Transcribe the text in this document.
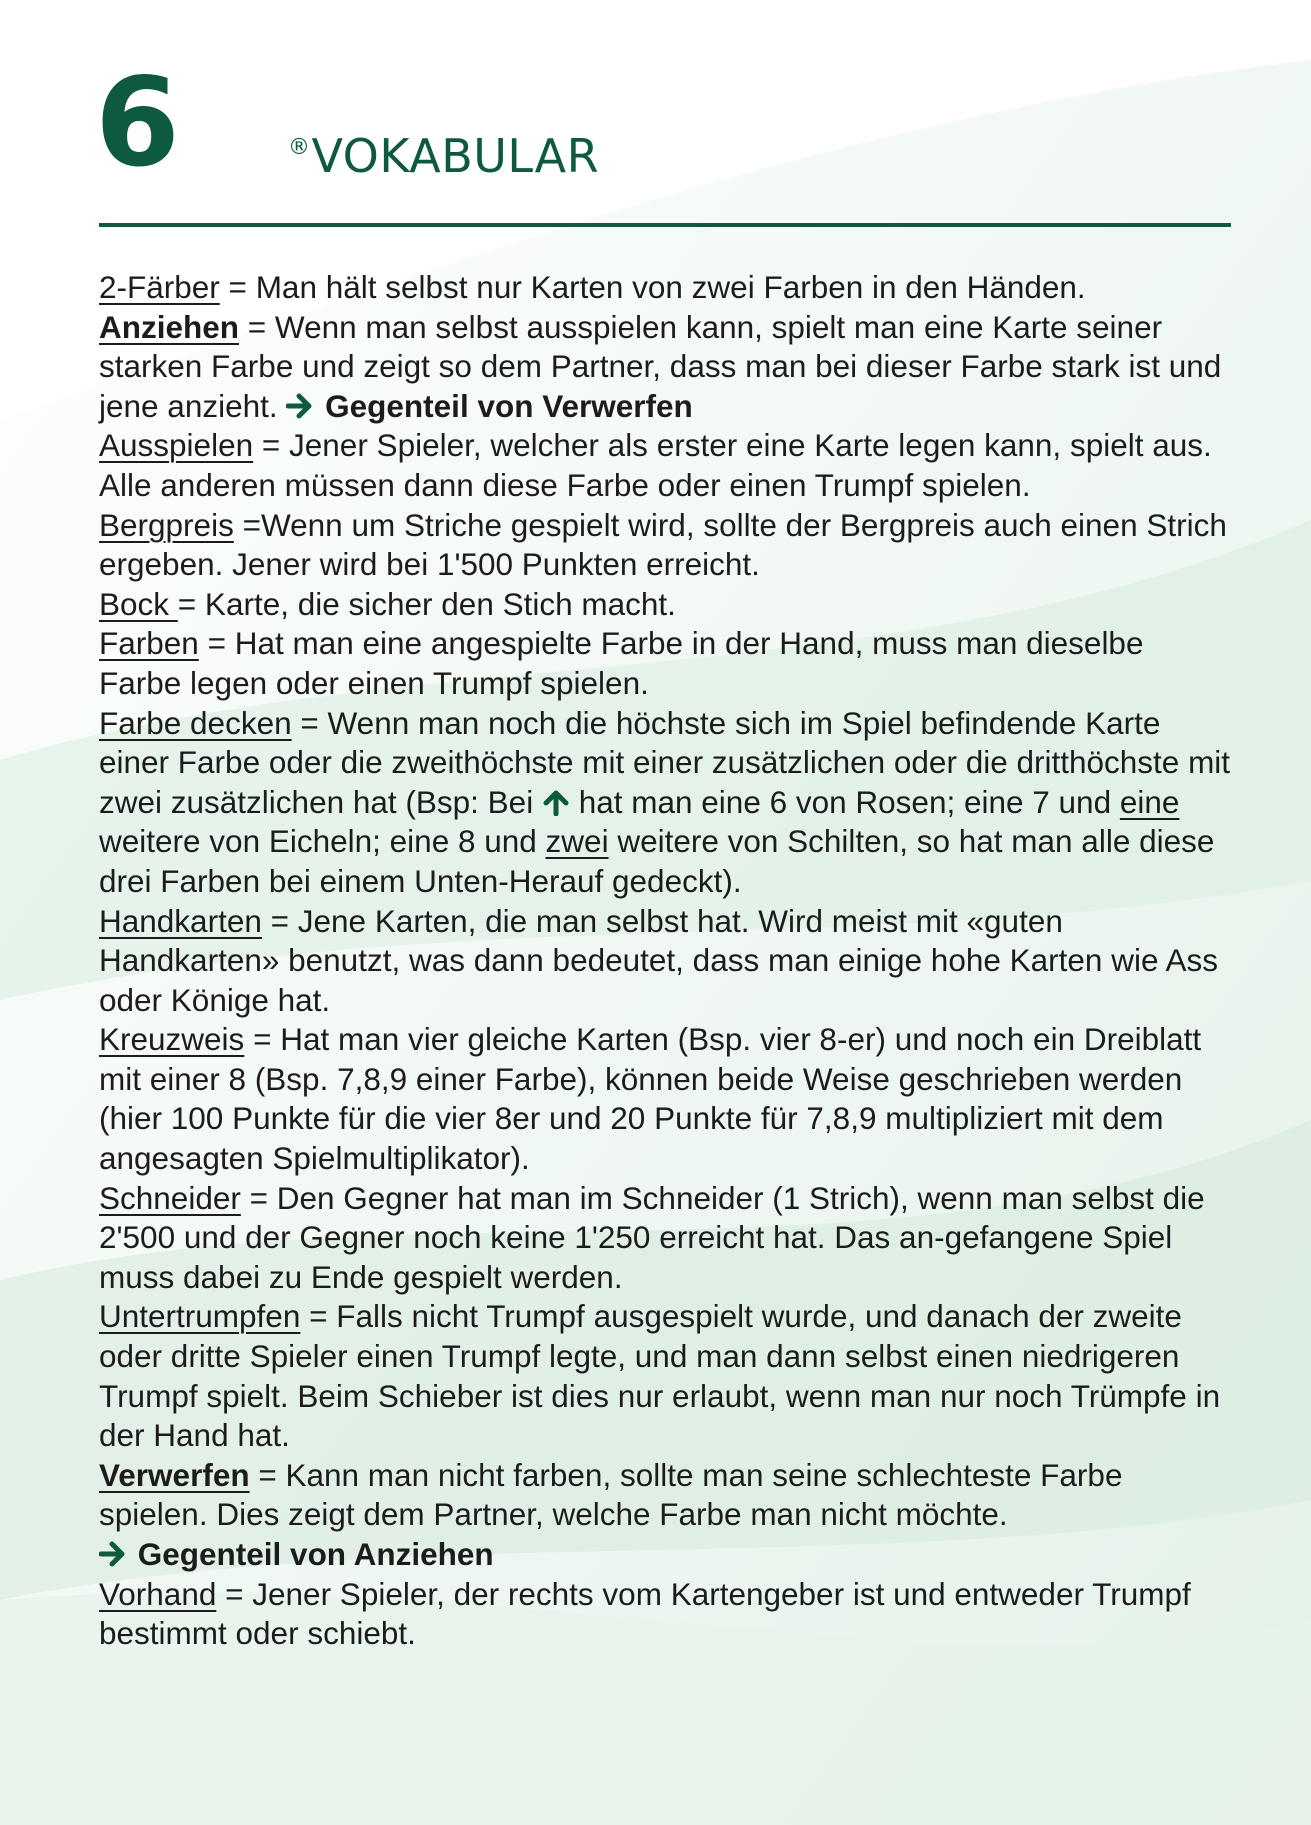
6	®VOKABULAR

2-Färber = Man hält selbst nur Karten von zwei Farben in den Händen.

Anziehen = Wenn man selbst ausspielen kann, spielt man eine Karte seiner starken Farbe und zeigt so dem Partner, dass man bei dieser Farbe stark ist und jene anzieht.
Gegenteil von Verwerfen

Ausspielen = Jener Spieler, welcher als erster eine Karte legen kann, spielt aus. Alle anderen müssen dann diese Farbe oder einen Trumpf spielen.

Bergpreis =Wenn um Striche gespielt wird, sollte der Bergpreis auch einen Strich ergeben. Jener wird bei 1'500 Punkten erreicht.

Bock = Karte, die sicher den Stich macht.

Farben = Hat man eine angespielte Farbe in der Hand, muss man dieselbe Farbe legen oder einen Trumpf spielen.

Farbe decken = Wenn man noch die höchste sich im Spiel befindende Karte einer Farbe oder die zweithöchste mit einer zusätzlichen oder die dritthöchste mit zwei zusätzlichen hat (Bsp: Bei
hat man eine 6 von Rosen; eine 7 und eine weitere von Eicheln; eine 8 und zwei weitere von Schilten, so hat man alle diese drei Farben bei einem Unten-Herauf gedeckt).

Handkarten = Jene Karten, die man selbst hat. Wird meist mit «guten Handkarten» benutzt, was dann bedeutet, dass man einige hohe Karten wie Ass oder Könige hat.

Kreuzweis = Hat man vier gleiche Karten (Bsp. vier 8-er) und noch ein Dreiblatt mit einer 8 (Bsp. 7,8,9 einer Farbe), können beide Weise geschrieben werden (hier 100 Punkte für die vier 8er und 20 Punkte für 7,8,9 multipliziert mit dem angesagten Spielmultiplikator).

Schneider = Den Gegner hat man im Schneider (1 Strich), wenn man selbst die 2'500 und der Gegner noch keine 1'250 erreicht hat. Das an-gefangene Spiel muss dabei zu Ende gespielt werden.

Untertrumpfen = Falls nicht Trumpf ausgespielt wurde, und danach der zweite oder dritte Spieler einen Trumpf legte, und man dann selbst einen niedrigeren Trumpf spielt. Beim Schieber ist dies nur erlaubt, wenn man nur noch Trümpfe in der Hand hat.

Verwerfen = Kann man nicht farben, sollte man seine schlechteste Farbe spielen. Dies zeigt dem Partner, welche Farbe man nicht möchte.
Gegenteil von Anziehen

Vorhand = Jener Spieler, der rechts vom Kartengeber ist und entweder Trumpf bestimmt oder schiebt.
